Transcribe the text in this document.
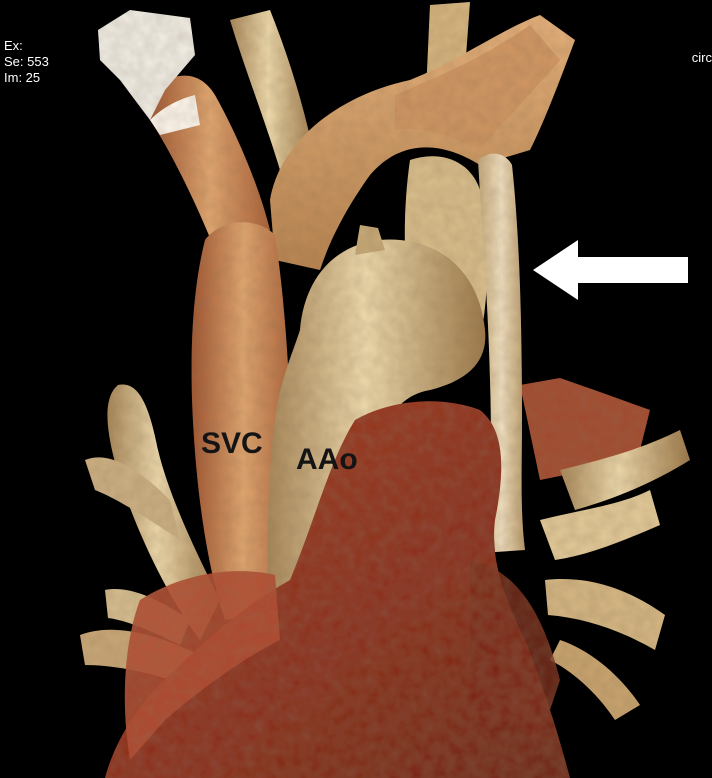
Ex:
Se: 553
Im: 25
circ
SVC AAo
